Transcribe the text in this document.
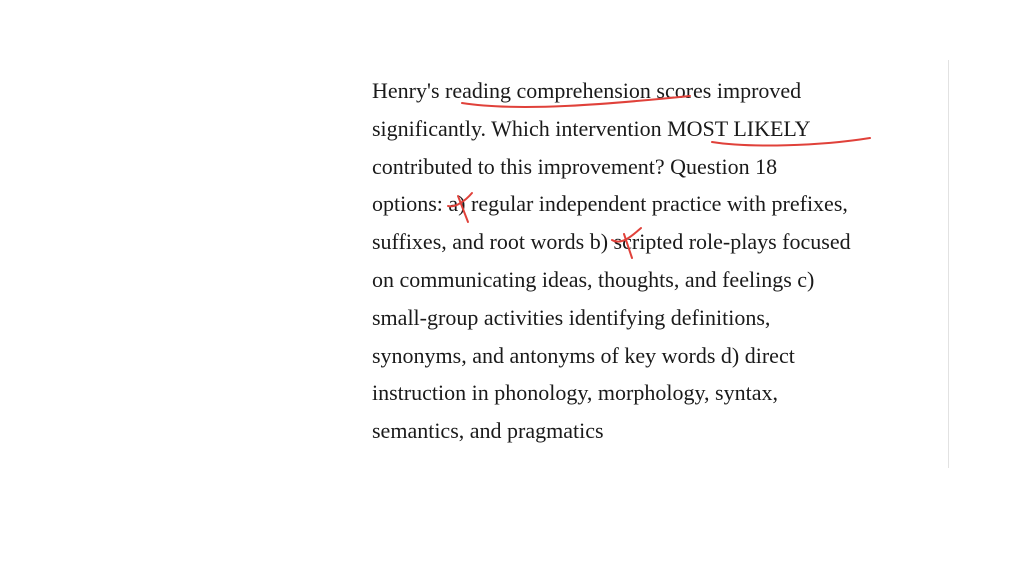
Henry's reading comprehension scores improved
significantly. Which intervention MOST LIKELY
contributed to this improvement? Question 18
options: a) regular independent practice with prefixes,
suffixes, and root words b) scripted role-plays focused
on communicating ideas, thoughts, and feelings c)
small-group activities identifying definitions,
synonyms, and antonyms of key words d) direct
instruction in phonology, morphology, syntax,
semantics, and pragmatics
